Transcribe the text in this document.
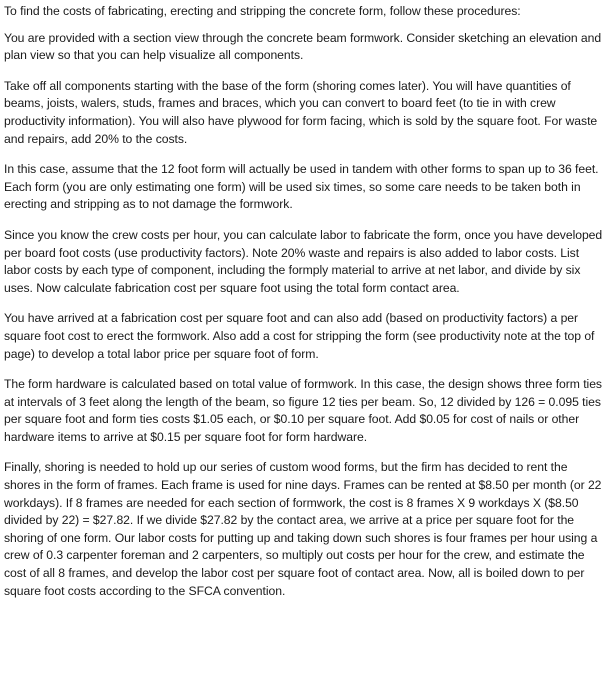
To find the costs of fabricating, erecting and stripping the concrete form, follow these procedures:

You are provided with a section view through the concrete beam formwork. Consider sketching an elevation and plan view so that you can help visualize all components.

Take off all components starting with the base of the form (shoring comes later). You will have quantities of beams, joists, walers, studs, frames and braces, which you can convert to board feet (to tie in with crew productivity information). You will also have plywood for form facing, which is sold by the square foot. For waste and repairs, add 20% to the costs.

In this case, assume that the 12 foot form will actually be used in tandem with other forms to span up to 36 feet. Each form (you are only estimating one form) will be used six times, so some care needs to be taken both in erecting and stripping as to not damage the formwork.

Since you know the crew costs per hour, you can calculate labor to fabricate the form, once you have developed per board foot costs (use productivity factors). Note 20% waste and repairs is also added to labor costs. List labor costs by each type of component, including the formply material to arrive at net labor, and divide by six uses. Now calculate fabrication cost per square foot using the total form contact area.

You have arrived at a fabrication cost per square foot and can also add (based on productivity factors) a per square foot cost to erect the formwork. Also add a cost for stripping the form (see productivity note at the top of page) to develop a total labor price per square foot of form.

The form hardware is calculated based on total value of formwork. In this case, the design shows three form ties at intervals of 3 feet along the length of the beam, so figure 12 ties per beam. So, 12 divided by 126 = 0.095 ties per square foot and form ties costs $1.05 each, or $0.10 per square foot. Add $0.05 for cost of nails or other hardware items to arrive at $0.15 per square foot for form hardware.

Finally, shoring is needed to hold up our series of custom wood forms, but the firm has decided to rent the shores in the form of frames. Each frame is used for nine days. Frames can be rented at $8.50 per month (or 22 workdays). If 8 frames are needed for each section of formwork, the cost is 8 frames X 9 workdays X ($8.50 divided by 22) = $27.82. If we divide $27.82 by the contact area, we arrive at a price per square foot for the shoring of one form. Our labor costs for putting up and taking down such shores is four frames per hour using a crew of 0.3 carpenter foreman and 2 carpenters, so multiply out costs per hour for the crew, and estimate the cost of all 8 frames, and develop the labor cost per square foot of contact area. Now, all is boiled down to per square foot costs according to the SFCA convention.
